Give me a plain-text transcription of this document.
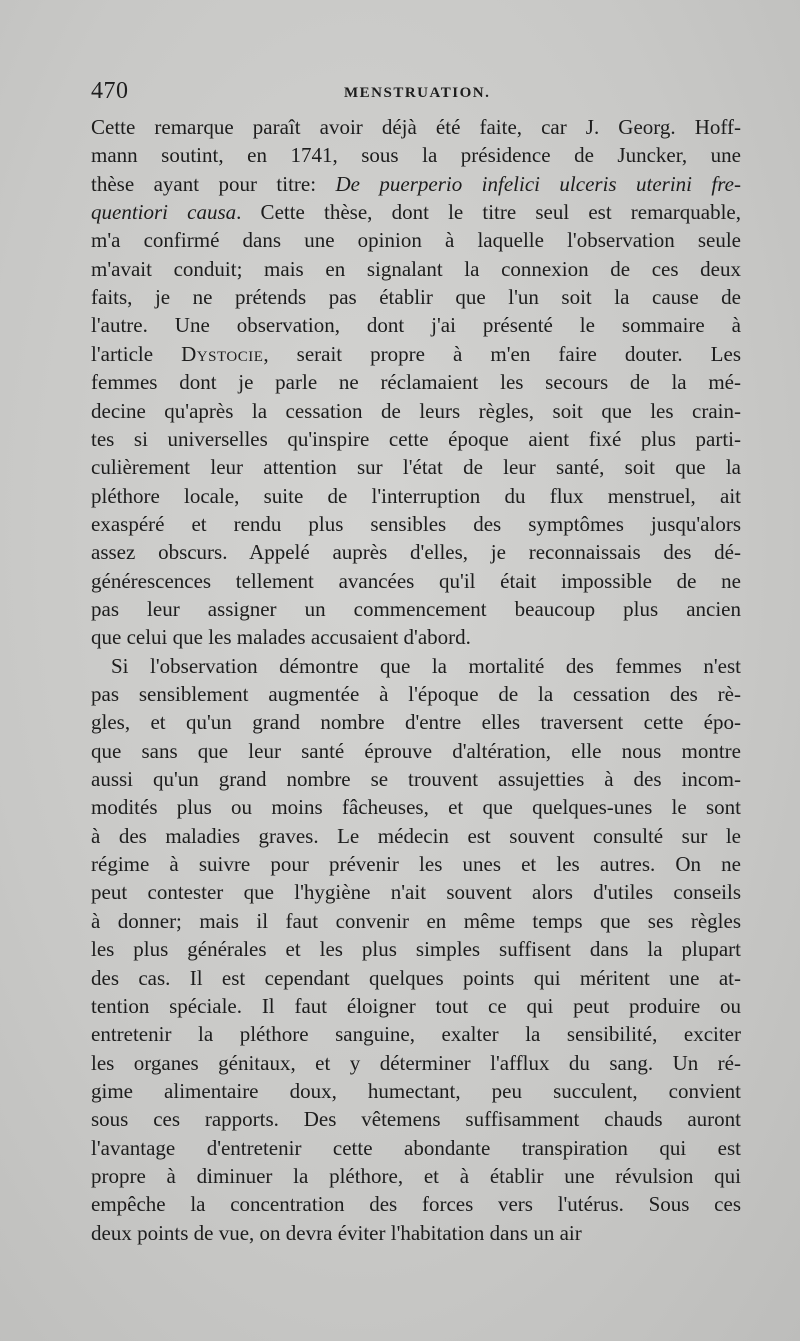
470	MENSTRUATION.
Cette remarque paraît avoir déjà été faite, car J. Georg. Hoff-
mann soutint, en 1741, sous la présidence de Juncker, une
thèse ayant pour titre: De puerperio infelici ulceris uterini fre-
quentiori causa. Cette thèse, dont le titre seul est remarquable,
m'a confirmé dans une opinion à laquelle l'observation seule
m'avait conduit; mais en signalant la connexion de ces deux
faits, je ne prétends pas établir que l'un soit la cause de
l'autre. Une observation, dont j'ai présenté le sommaire à
l'article Dystocie, serait propre à m'en faire douter. Les
femmes dont je parle ne réclamaient les secours de la mé-
decine qu'après la cessation de leurs règles, soit que les crain-
tes si universelles qu'inspire cette époque aient fixé plus parti-
culièrement leur attention sur l'état de leur santé, soit que la
pléthore locale, suite de l'interruption du flux menstruel, ait
exaspéré et rendu plus sensibles des symptômes jusqu'alors
assez obscurs. Appelé auprès d'elles, je reconnaissais des dé-
générescences tellement avancées qu'il était impossible de ne
pas leur assigner un commencement beaucoup plus ancien
que celui que les malades accusaient d'abord.
Si l'observation démontre que la mortalité des femmes n'est
pas sensiblement augmentée à l'époque de la cessation des rè-
gles, et qu'un grand nombre d'entre elles traversent cette épo-
que sans que leur santé éprouve d'altération, elle nous montre
aussi qu'un grand nombre se trouvent assujetties à des incom-
modités plus ou moins fâcheuses, et que quelques-unes le sont
à des maladies graves. Le médecin est souvent consulté sur le
régime à suivre pour prévenir les unes et les autres. On ne
peut contester que l'hygiène n'ait souvent alors d'utiles conseils
à donner; mais il faut convenir en même temps que ses règles
les plus générales et les plus simples suffisent dans la plupart
des cas. Il est cependant quelques points qui méritent une at-
tention spéciale. Il faut éloigner tout ce qui peut produire ou
entretenir la pléthore sanguine, exalter la sensibilité, exciter
les organes génitaux, et y déterminer l'afflux du sang. Un ré-
gime alimentaire doux, humectant, peu succulent, convient
sous ces rapports. Des vêtemens suffisamment chauds auront
l'avantage d'entretenir cette abondante transpiration qui est
propre à diminuer la pléthore, et à établir une révulsion qui
empêche la concentration des forces vers l'utérus. Sous ces
deux points de vue, on devra éviter l'habitation dans un air
